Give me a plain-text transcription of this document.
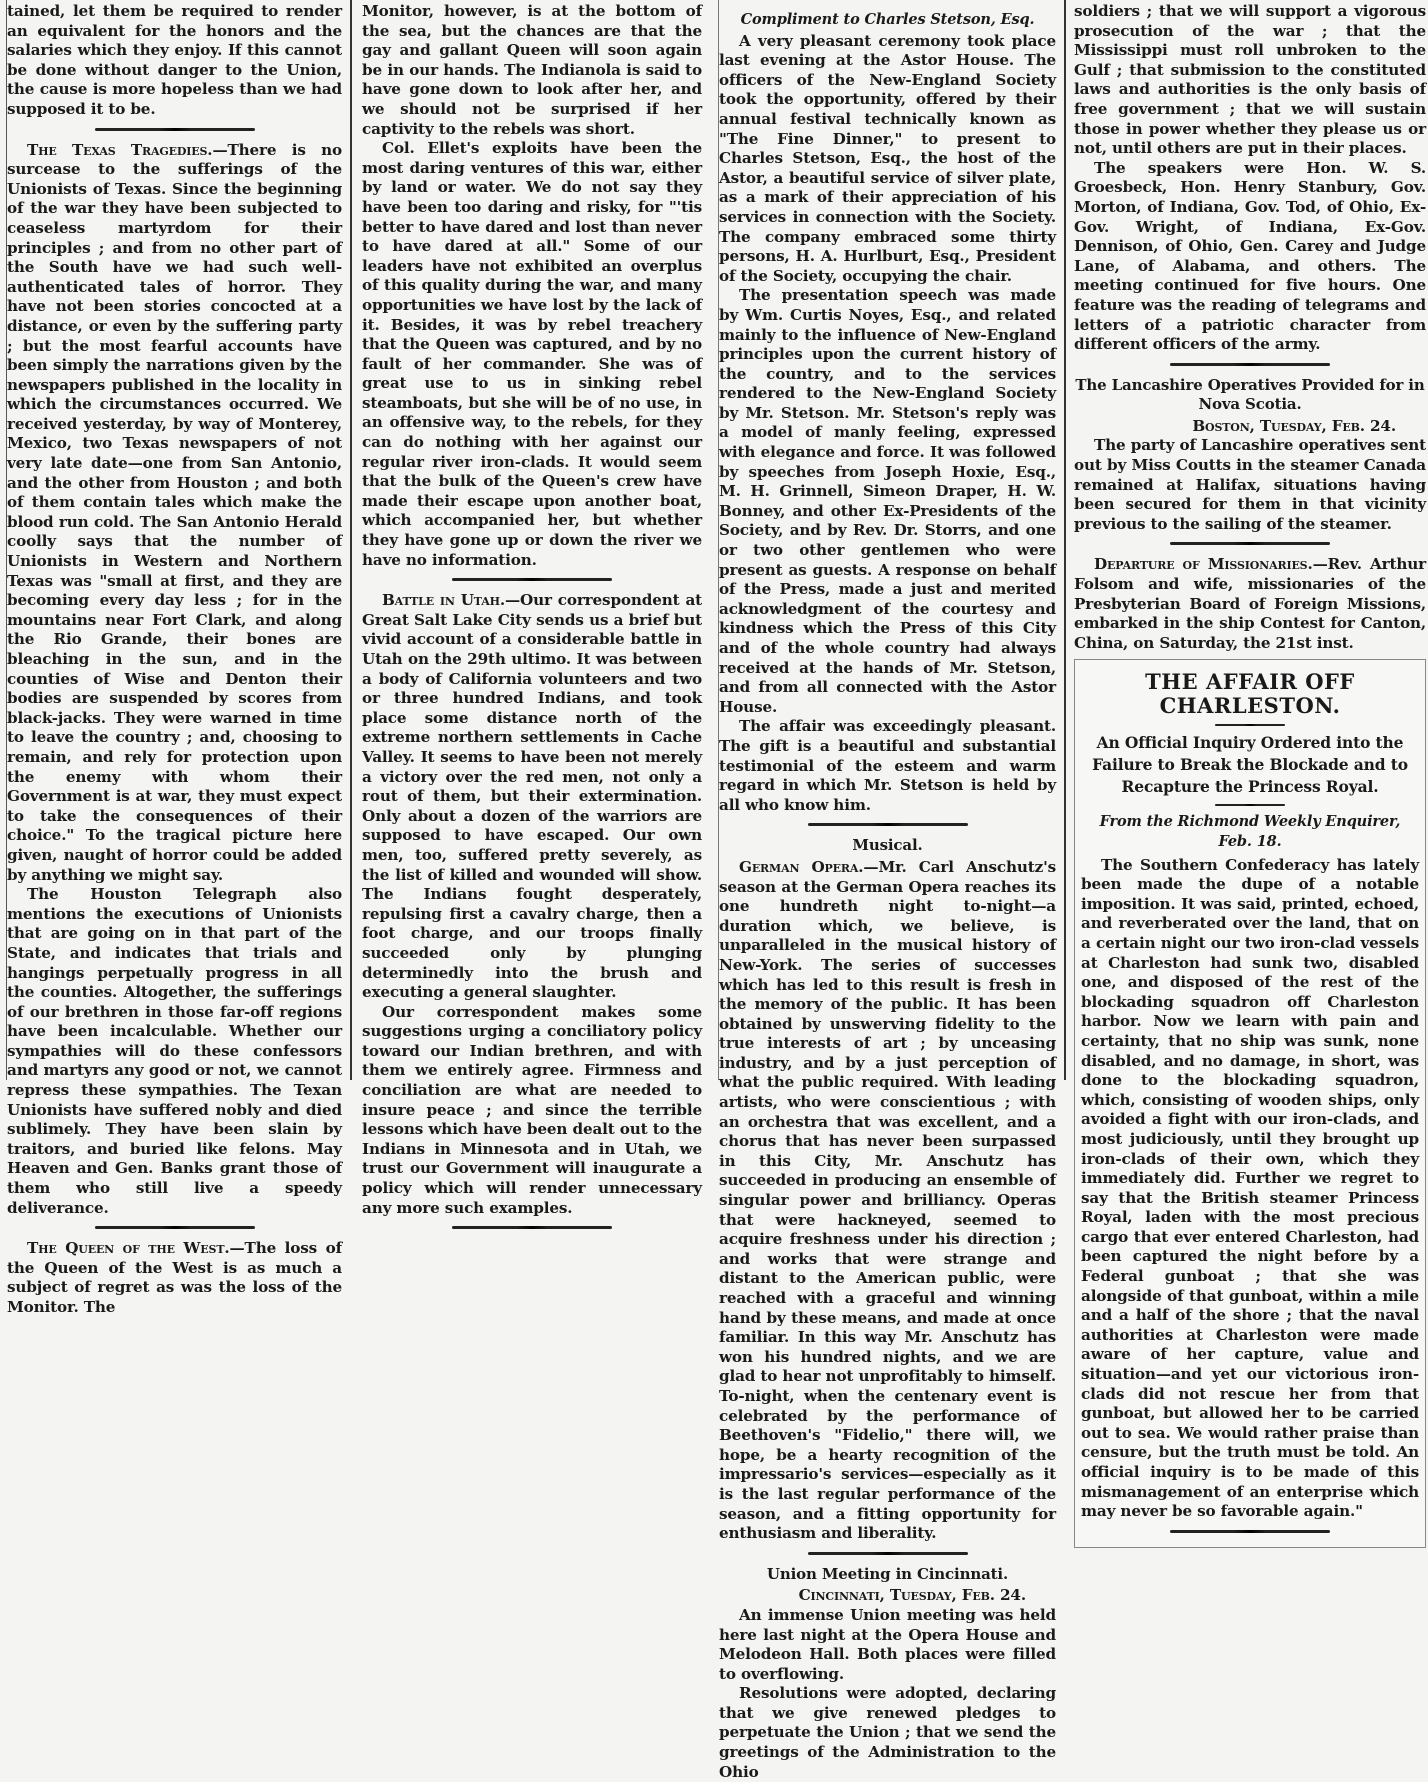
tained, let them be required to render an equivalent for the honors and the salaries which they enjoy. If this cannot be done without danger to the Union, the cause is more hopeless than we had supposed it to be.

The Texas Tragedies.—There is no surcease to the sufferings of the Unionists of Texas. Since the beginning of the war they have been subjected to ceaseless martyrdom for their principles ; and from no other part of the South have we had such well-authenticated tales of horror. They have not been stories concocted at a distance, or even by the suffering party ; but the most fearful accounts have been simply the narrations given by the newspapers published in the locality in which the circumstances occurred. We received yesterday, by way of Monterey, Mexico, two Texas newspapers of not very late date—one from San Antonio, and the other from Houston ; and both of them contain tales which make the blood run cold. The San Antonio Herald coolly says that the number of Unionists in Western and Northern Texas was "small at first, and they are becoming every day less ; for in the mountains near Fort Clark, and along the Rio Grande, their bones are bleaching in the sun, and in the counties of Wise and Denton their bodies are suspended by scores from black-jacks. They were warned in time to leave the country ; and, choosing to remain, and rely for protection upon the enemy with whom their Government is at war, they must expect to take the consequences of their choice." To the tragical picture here given, naught of horror could be added by anything we might say.

The Houston Telegraph also mentions the executions of Unionists that are going on in that part of the State, and indicates that trials and hangings perpetually progress in all the counties. Altogether, the sufferings of our brethren in those far-off regions have been incalculable. Whether our sympathies will do these confessors and martyrs any good or not, we cannot repress these sympathies. The Texan Unionists have suffered nobly and died sublimely. They have been slain by traitors, and buried like felons. May Heaven and Gen. Banks grant those of them who still live a speedy deliverance.

The Queen of the West.—The loss of the Queen of the West is as much a subject of regret as was the loss of the Monitor. The

Monitor, however, is at the bottom of the sea, but the chances are that the gay and gallant Queen will soon again be in our hands. The Indianola is said to have gone down to look after her, and we should not be surprised if her captivity to the rebels was short.

Col. Ellet's exploits have been the most daring ventures of this war, either by land or water. We do not say they have been too daring and risky, for "'tis better to have dared and lost than never to have dared at all." Some of our leaders have not exhibited an overplus of this quality during the war, and many opportunities we have lost by the lack of it. Besides, it was by rebel treachery that the Queen was captured, and by no fault of her commander. She was of great use to us in sinking rebel steamboats, but she will be of no use, in an offensive way, to the rebels, for they can do nothing with her against our regular river iron-clads. It would seem that the bulk of the Queen's crew have made their escape upon another boat, which accompanied her, but whether they have gone up or down the river we have no information.

Battle in Utah.—Our correspondent at Great Salt Lake City sends us a brief but vivid account of a considerable battle in Utah on the 29th ultimo. It was between a body of California volunteers and two or three hundred Indians, and took place some distance north of the extreme northern settlements in Cache Valley. It seems to have been not merely a victory over the red men, not only a rout of them, but their extermination. Only about a dozen of the warriors are supposed to have escaped. Our own men, too, suffered pretty severely, as the list of killed and wounded will show. The Indians fought desperately, repulsing first a cavalry charge, then a foot charge, and our troops finally succeeded only by plunging determinedly into the brush and executing a general slaughter.

Our correspondent makes some suggestions urging a conciliatory policy toward our Indian brethren, and with them we entirely agree. Firmness and conciliation are what are needed to insure peace ; and since the terrible lessons which have been dealt out to the Indians in Minnesota and in Utah, we trust our Government will inaugurate a policy which will render unnecessary any more such examples.

Compliment to Charles Stetson, Esq.

A very pleasant ceremony took place last evening at the Astor House. The officers of the New-England Society took the opportunity, offered by their annual festival technically known as "The Fine Dinner," to present to Charles Stetson, Esq., the host of the Astor, a beautiful service of silver plate, as a mark of their appreciation of his services in connection with the Society. The company embraced some thirty persons, H. A. Hurlburt, Esq., President of the Society, occupying the chair.

The presentation speech was made by Wm. Curtis Noyes, Esq., and related mainly to the influence of New-England principles upon the current history of the country, and to the services rendered to the New-England Society by Mr. Stetson. Mr. Stetson's reply was a model of manly feeling, expressed with elegance and force. It was followed by speeches from Joseph Hoxie, Esq., M. H. Grinnell, Simeon Draper, H. W. Bonney, and other Ex-Presidents of the Society, and by Rev. Dr. Storrs, and one or two other gentlemen who were present as guests. A response on behalf of the Press, made a just and merited acknowledgment of the courtesy and kindness which the Press of this City and of the whole country had always received at the hands of Mr. Stetson, and from all connected with the Astor House.

The affair was exceedingly pleasant. The gift is a beautiful and substantial testimonial of the esteem and warm regard in which Mr. Stetson is held by all who know him.

Musical.

German Opera.—Mr. Carl Anschutz's season at the German Opera reaches its one hundreth night to-night—a duration which, we believe, is unparalleled in the musical history of New-York. The series of successes which has led to this result is fresh in the memory of the public. It has been obtained by unswerving fidelity to the true interests of art ; by unceasing industry, and by a just perception of what the public required. With leading artists, who were conscientious ; with an orchestra that was excellent, and a chorus that has never been surpassed in this City, Mr. Anschutz has succeeded in producing an ensemble of singular power and brilliancy. Operas that were hackneyed, seemed to acquire freshness under his direction ; and works that were strange and distant to the American public, were reached with a graceful and winning hand by these means, and made at once familiar. In this way Mr. Anschutz has won his hundred nights, and we are glad to hear not unprofitably to himself. To-night, when the centenary event is celebrated by the performance of Beethoven's "Fidelio," there will, we hope, be a hearty recognition of the impressario's services—especially as it is the last regular performance of the season, and a fitting opportunity for enthusiasm and liberality.

Union Meeting in Cincinnati.
Cincinnati, Tuesday, Feb. 24.

An immense Union meeting was held here last night at the Opera House and Melodeon Hall. Both places were filled to overflowing.

Resolutions were adopted, declaring that we give renewed pledges to perpetuate the Union ; that we send the greetings of the Administration to the Ohio

soldiers ; that we will support a vigorous prosecution of the war ; that the Mississippi must roll unbroken to the Gulf ; that submission to the constituted laws and authorities is the only basis of free government ; that we will sustain those in power whether they please us or not, until others are put in their places.

The speakers were Hon. W. S. Groesbeck, Hon. Henry Stanbury, Gov. Morton, of Indiana, Gov. Tod, of Ohio, Ex-Gov. Wright, of Indiana, Ex-Gov. Dennison, of Ohio, Gen. Carey and Judge Lane, of Alabama, and others. The meeting continued for five hours. One feature was the reading of telegrams and letters of a patriotic character from different officers of the army.

The Lancashire Operatives Provided for in Nova Scotia.
Boston, Tuesday, Feb. 24.

The party of Lancashire operatives sent out by Miss Coutts in the steamer Canada remained at Halifax, situations having been secured for them in that vicinity previous to the sailing of the steamer.

Departure of Missionaries.—Rev. Arthur Folsom and wife, missionaries of the Presbyterian Board of Foreign Missions, embarked in the ship Contest for Canton, China, on Saturday, the 21st inst.

THE AFFAIR OFF CHARLESTON.
An Official Inquiry Ordered into the Failure to Break the Blockade and to Recapture the Princess Royal.
From the Richmond Weekly Enquirer, Feb. 18.

The Southern Confederacy has lately been made the dupe of a notable imposition. It was said, printed, echoed, and reverberated over the land, that on a certain night our two iron-clad vessels at Charleston had sunk two, disabled one, and disposed of the rest of the blockading squadron off Charleston harbor. Now we learn with pain and certainty, that no ship was sunk, none disabled, and no damage, in short, was done to the blockading squadron, which, consisting of wooden ships, only avoided a fight with our iron-clads, and most judiciously, until they brought up iron-clads of their own, which they immediately did. Further we regret to say that the British steamer Princess Royal, laden with the most precious cargo that ever entered Charleston, had been captured the night before by a Federal gunboat ; that she was alongside of that gunboat, within a mile and a half of the shore ; that the naval authorities at Charleston were made aware of her capture, value and situation—and yet our victorious iron-clads did not rescue her from that gunboat, but allowed her to be carried out to sea. We would rather praise than censure, but the truth must be told. An official inquiry is to be made of this mismanagement of an enterprise which may never be so favorable again."
